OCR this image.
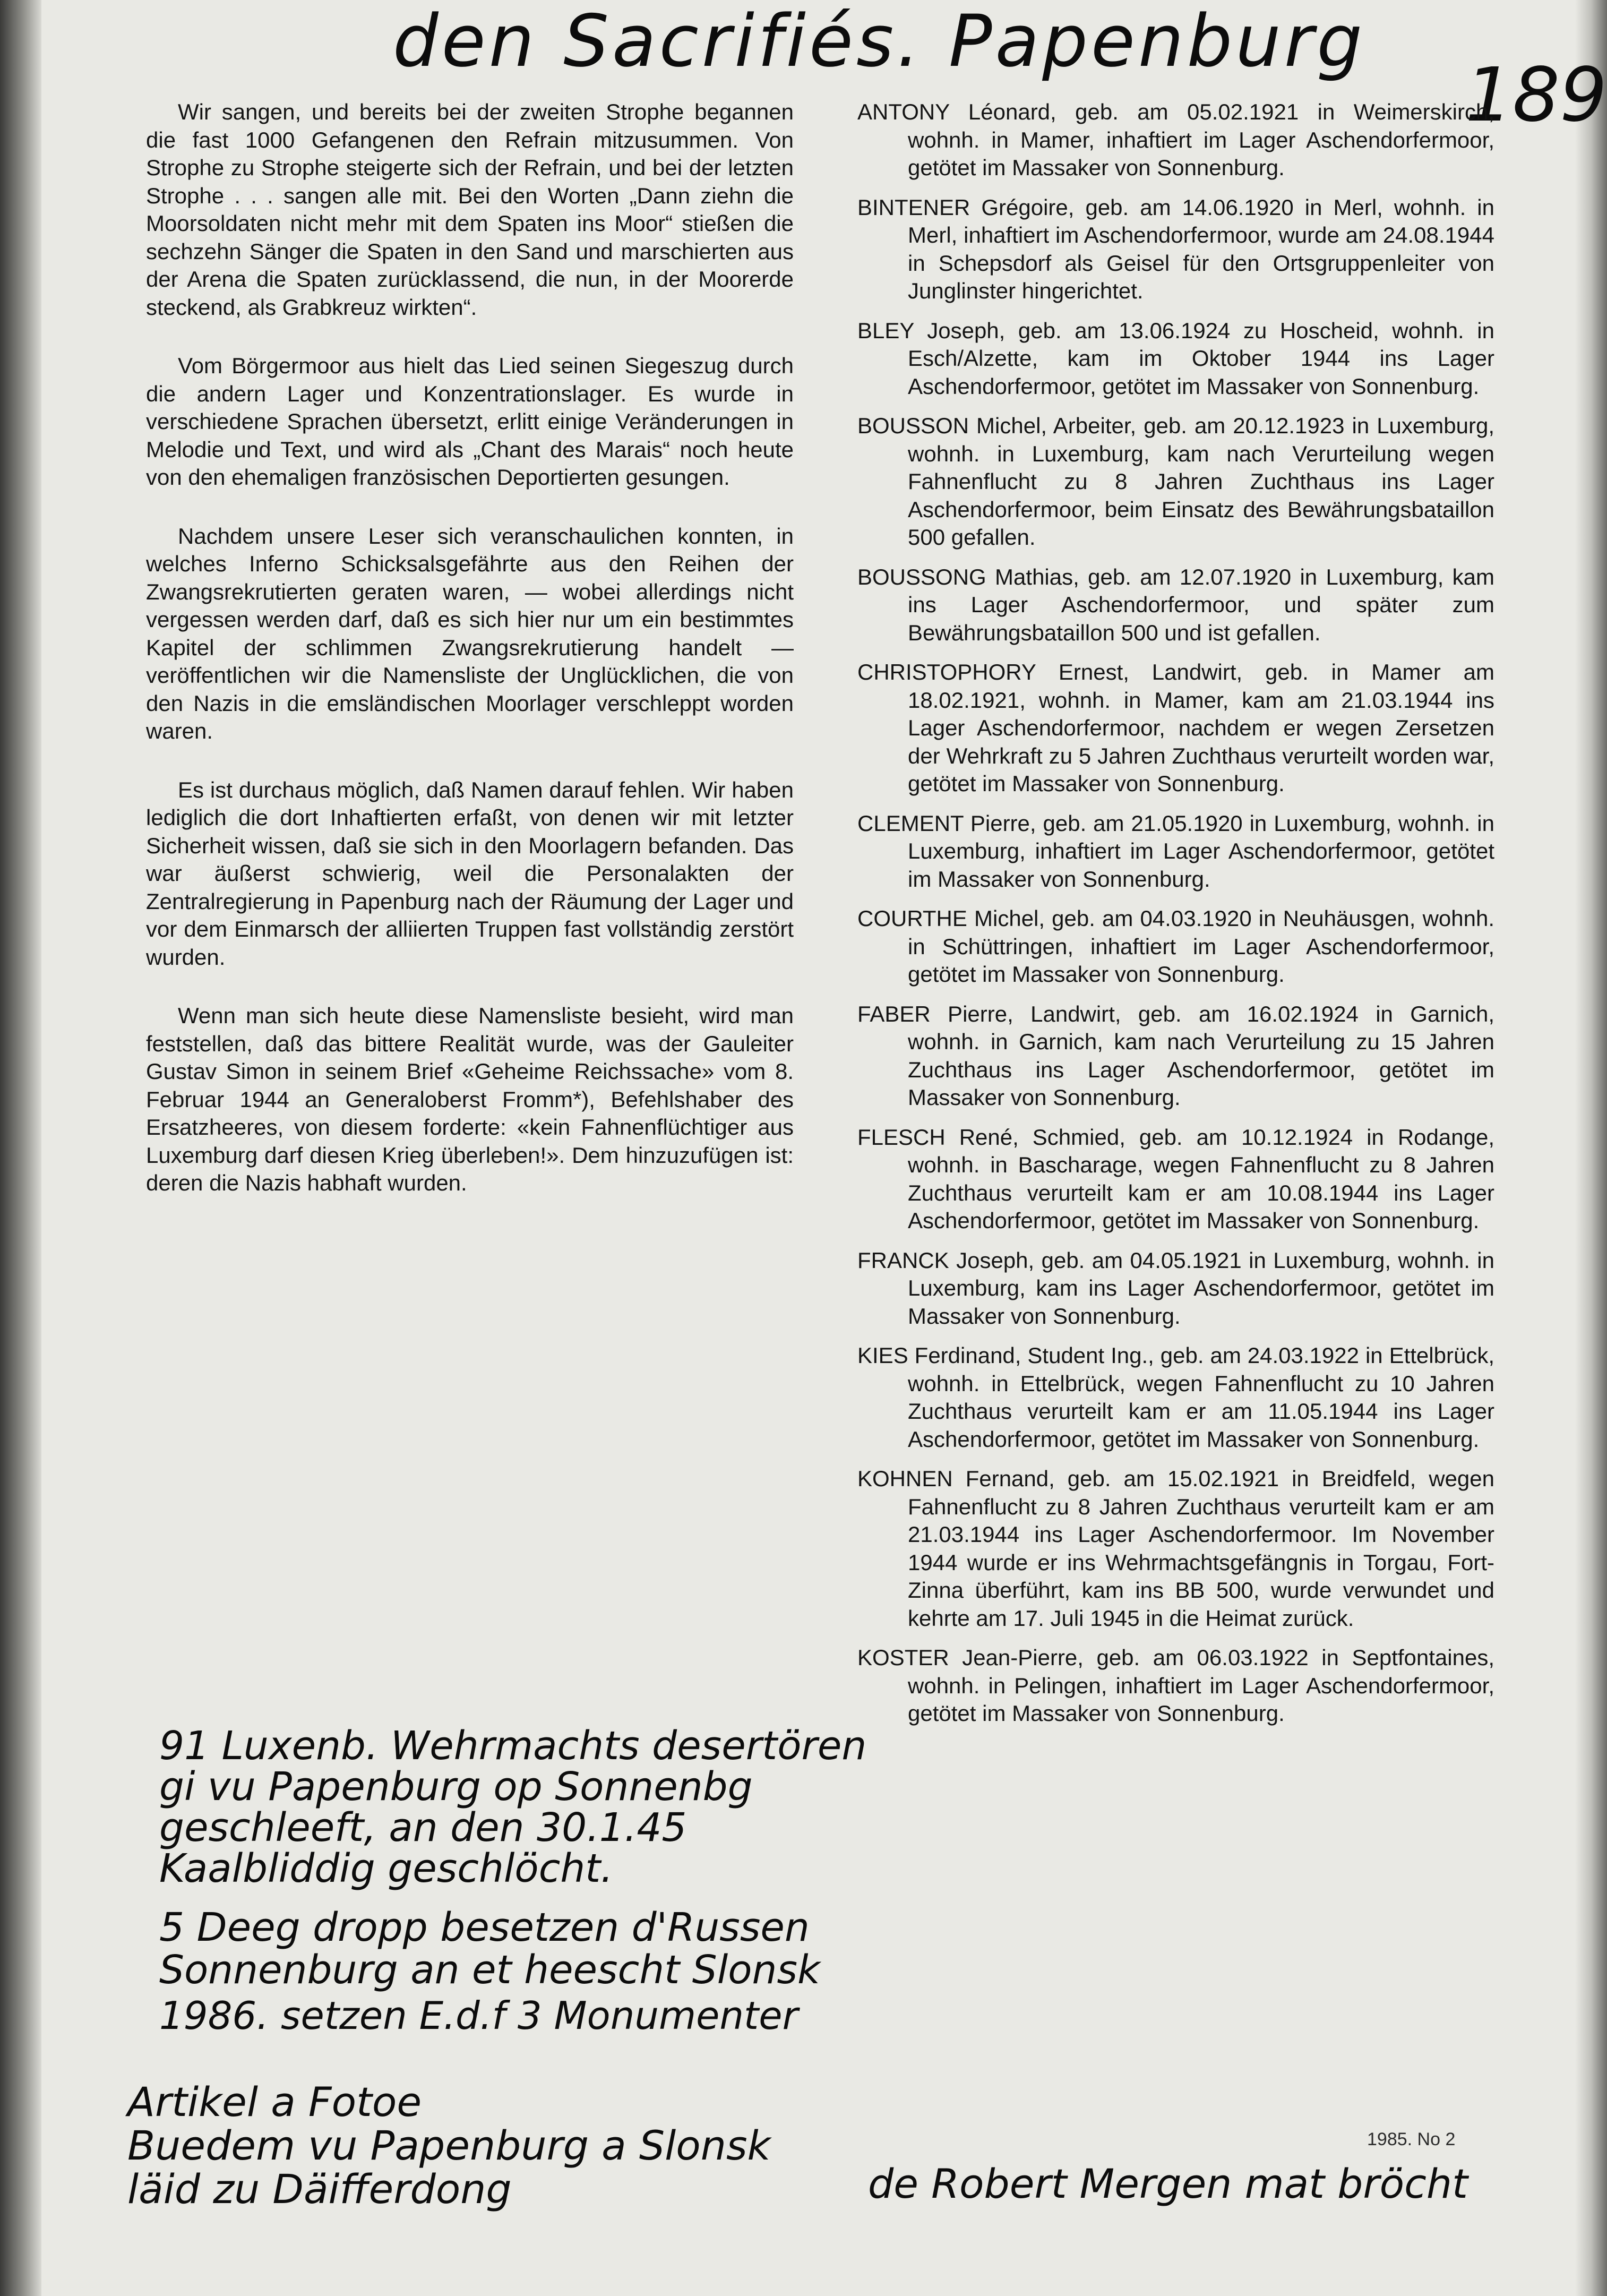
den Sacrifiés. Papenburg
189

Wir sangen, und bereits bei der zweiten Strophe begannen die fast 1000 Gefangenen den Refrain mitzusummen. Von Strophe zu Strophe steigerte sich der Refrain, und bei der letzten Strophe . . . sangen alle mit. Bei den Worten „Dann ziehn die Moorsoldaten nicht mehr mit dem Spaten ins Moor“ stießen die sechzehn Sänger die Spaten in den Sand und marschierten aus der Arena die Spaten zurücklassend, die nun, in der Moorerde steckend, als Grabkreuz wirkten“.

Vom Börgermoor aus hielt das Lied seinen Siegeszug durch die andern Lager und Konzentrationslager. Es wurde in verschiedene Sprachen übersetzt, erlitt einige Veränderungen in Melodie und Text, und wird als „Chant des Marais“ noch heute von den ehemaligen französischen Deportierten gesungen.

Nachdem unsere Leser sich veranschaulichen konnten, in welches Inferno Schicksalsgefährte aus den Reihen der Zwangsrekrutierten geraten waren, — wobei allerdings nicht vergessen werden darf, daß es sich hier nur um ein bestimmtes Kapitel der schlimmen Zwangsrekrutierung handelt — veröffentlichen wir die Namensliste der Unglücklichen, die von den Nazis in die emsländischen Moorlager verschleppt worden waren.

Es ist durchaus möglich, daß Namen darauf fehlen. Wir haben lediglich die dort Inhaftierten erfaßt, von denen wir mit letzter Sicherheit wissen, daß sie sich in den Moorlagern befanden. Das war äußerst schwierig, weil die Personalakten der Zentralregierung in Papenburg nach der Räumung der Lager und vor dem Einmarsch der alliierten Truppen fast vollständig zerstört wurden.

Wenn man sich heute diese Namensliste besieht, wird man feststellen, daß das bittere Realität wurde, was der Gauleiter Gustav Simon in seinem Brief «Geheime Reichssache» vom 8. Februar 1944 an Generaloberst Fromm*), Befehlshaber des Ersatzheeres, von diesem forderte: «kein Fahnenflüchtiger aus Luxemburg darf diesen Krieg überleben!». Dem hinzuzufügen ist: deren die Nazis habhaft wurden.

ANTONY Léonard, geb. am 05.02.1921 in Weimerskirch, wohnh. in Mamer, inhaftiert im Lager Aschendorfermoor, getötet im Massaker von Sonnenburg.

BINTENER Grégoire, geb. am 14.06.1920 in Merl, wohnh. in Merl, inhaftiert im Aschendorfermoor, wurde am 24.08.1944 in Schepsdorf als Geisel für den Ortsgruppenleiter von Junglinster hingerichtet.

BLEY Joseph, geb. am 13.06.1924 zu Hoscheid, wohnh. in Esch/Alzette, kam im Oktober 1944 ins Lager Aschendorfermoor, getötet im Massaker von Sonnenburg.

BOUSSON Michel, Arbeiter, geb. am 20.12.1923 in Luxemburg, wohnh. in Luxemburg, kam nach Verurteilung wegen Fahnenflucht zu 8 Jahren Zuchthaus ins Lager Aschendorfermoor, beim Einsatz des Bewährungsbataillon 500 gefallen.

BOUSSONG Mathias, geb. am 12.07.1920 in Luxemburg, kam ins Lager Aschendorfermoor, und später zum Bewährungsbataillon 500 und ist gefallen.

CHRISTOPHORY Ernest, Landwirt, geb. in Mamer am 18.02.1921, wohnh. in Mamer, kam am 21.03.1944 ins Lager Aschendorfermoor, nachdem er wegen Zersetzen der Wehrkraft zu 5 Jahren Zuchthaus verurteilt worden war, getötet im Massaker von Sonnenburg.

CLEMENT Pierre, geb. am 21.05.1920 in Luxemburg, wohnh. in Luxemburg, inhaftiert im Lager Aschendorfermoor, getötet im Massaker von Sonnenburg.

COURTHE Michel, geb. am 04.03.1920 in Neuhäusgen, wohnh. in Schüttringen, inhaftiert im Lager Aschendorfermoor, getötet im Massaker von Sonnenburg.

FABER Pierre, Landwirt, geb. am 16.02.1924 in Garnich, wohnh. in Garnich, kam nach Verurteilung zu 15 Jahren Zuchthaus ins Lager Aschendorfermoor, getötet im Massaker von Sonnenburg.

FLESCH René, Schmied, geb. am 10.12.1924 in Rodange, wohnh. in Bascharage, wegen Fahnenflucht zu 8 Jahren Zuchthaus verurteilt kam er am 10.08.1944 ins Lager Aschendorfermoor, getötet im Massaker von Sonnenburg.

FRANCK Joseph, geb. am 04.05.1921 in Luxemburg, wohnh. in Luxemburg, kam ins Lager Aschendorfermoor, getötet im Massaker von Sonnenburg.

KIES Ferdinand, Student Ing., geb. am 24.03.1922 in Ettelbrück, wohnh. in Ettelbrück, wegen Fahnenflucht zu 10 Jahren Zuchthaus verurteilt kam er am 11.05.1944 ins Lager Aschendorfermoor, getötet im Massaker von Sonnenburg.

KOHNEN Fernand, geb. am 15.02.1921 in Breidfeld, wegen Fahnenflucht zu 8 Jahren Zuchthaus verurteilt kam er am 21.03.1944 ins Lager Aschendorfermoor. Im November 1944 wurde er ins Wehrmachtsgefängnis in Torgau, Fort-Zinna überführt, kam ins BB 500, wurde verwundet und kehrte am 17. Juli 1945 in die Heimat zurück.

KOSTER Jean-Pierre, geb. am 06.03.1922 in Septfontaines, wohnh. in Pelingen, inhaftiert im Lager Aschendorfermoor, getötet im Massaker von Sonnenburg.

1985. No 2
91 Luxenb. Wehrmachts desertören
gi vu Papenburg op Sonnenbg
geschleeft, an den 30.1.45
Kaalbliddig geschlöcht.
5 Deeg dropp besetzen d'Russen
Sonnenburg an et heescht Slonsk
1986. setzen E.d.f 3 Monumenter
Artikel a Fotoe
Buedem vu Papenburg a Slonsk
läid zu Däifferdong	de Robert Mergen mat bröcht
